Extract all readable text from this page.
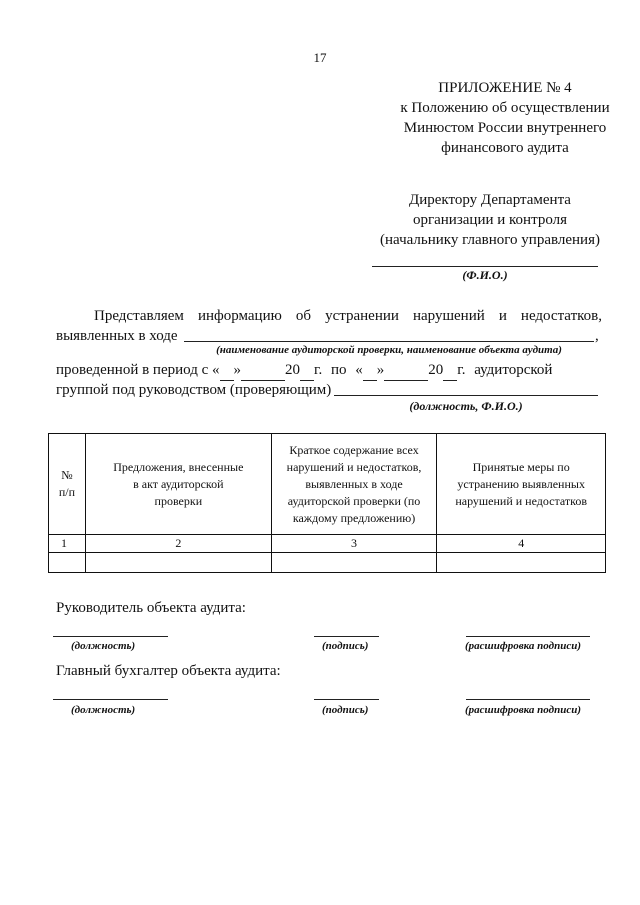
17
ПРИЛОЖЕНИЕ № 4
к Положению об осуществлении
Минюстом России внутреннего
финансового аудита
Директору Департамента
организации и контроля
(начальнику главного управления)
(Ф.И.О.)
Представляем информацию об устранении нарушений и недостатков,
выявленных в ходе	,
(наименование аудиторской проверки, наименование объекта аудита)
проведенной в период с « »	20 г. по « »	20 г. аудиторской
группой под руководством (проверяющим)
(должность, Ф.И.О.)
№ п/п	Предложения, внесенные в акт аудиторской проверки	Краткое содержание всех нарушений и недостатков, выявленных в ходе аудиторской проверки (по каждому предложению)	Принятые меры по устранению выявленных нарушений и недостатков
1	2	3	4

Руководитель объекта аудита:
(должность)	(подпись)	(расшифровка подписи)
Главный бухгалтер объекта аудита:
(должность)	(подпись)	(расшифровка подписи)
